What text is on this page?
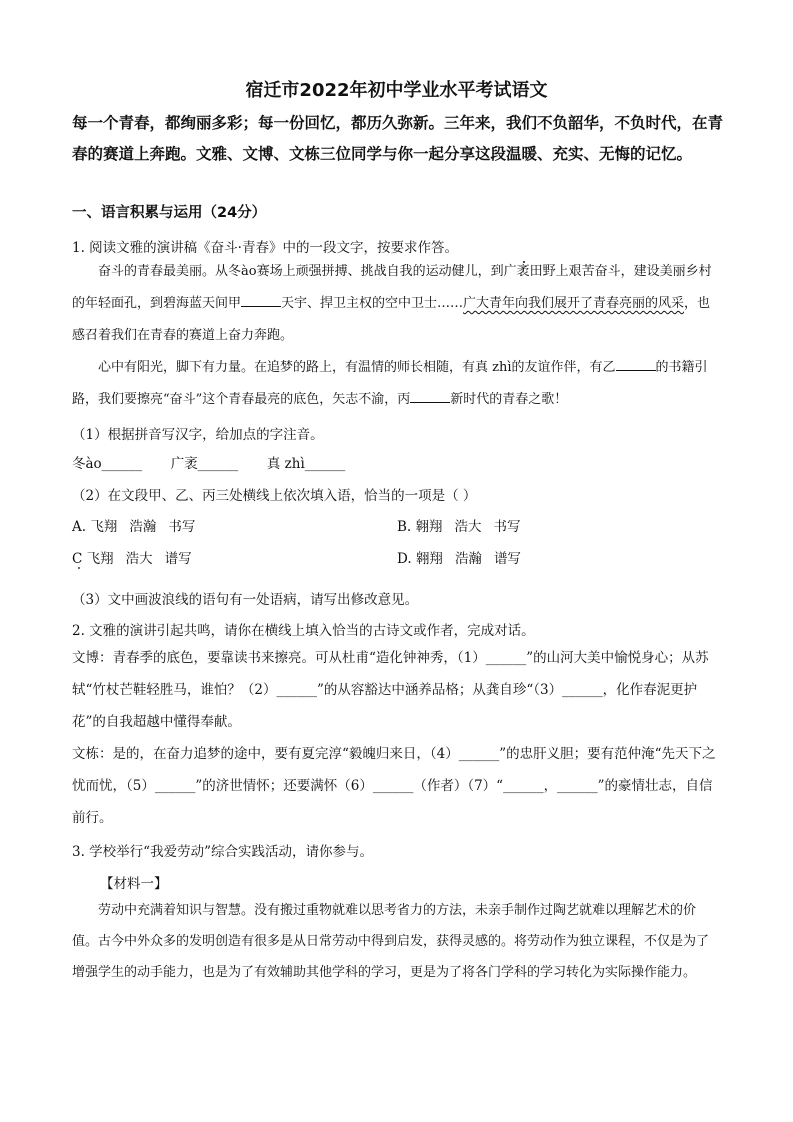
宿迁市2022年初中学业水平考试语文
每一个青春，都绚丽多彩；每一份回忆，都历久弥新。三年来，我们不负韶华，不负时代，在青春的赛道上奔跑。文雅、文博、文栋三位同学与你一起分享这段温暖、充实、无悔的记忆。
一、语言积累与运用（24分）
1. 阅读文雅的演讲稿《奋斗·青春》中的一段文字，按要求作答。
奋斗的青春最美丽。从冬ào赛场上顽强拼搏、挑战自我的运动健儿，到广袤田野上艰苦奋斗，建设美丽乡村的年轻面孔，到碧海蓝天间甲	天宇、捍卫主权的空中卫士……广大青年向我们展开了青春亮丽的风采，也感召着我们在青春的赛道上奋力奔跑。
心中有阳光，脚下有力量。在追梦的路上，有温情的师长相随，有真 zhì的友谊作伴，有乙	的书籍引路，我们要擦亮“奋斗”这个青春最亮的底色，矢志不渝，丙	新时代的青春之歌！
（1）根据拼音写汉字，给加点的字注音。
冬ào______ 广袤______ 真 zhì______
（2）在文段甲、乙、丙三处横线上依次填入语，恰当的一项是（ ）
A. 飞翔 浩瀚 书写	B. 翱翔 浩大 书写
C 飞翔 浩大 谱写	D. 翱翔 浩瀚 谱写
（3）文中画波浪线的语句有一处语病，请写出修改意见。
2. 文雅的演讲引起共鸣，请你在横线上填入恰当的古诗文或作者，完成对话。
文博：青春季的底色，要靠读书来擦亮。可从杜甫“造化钟神秀，（1）______”的山河大美中愉悦身心；从苏轼“竹杖芒鞋轻胜马，谁怕？（2）______”的从容豁达中涵养品格；从龚自珍“（3）______，化作春泥更护花”的自我超越中懂得奉献。
文栋：是的，在奋力追梦的途中，要有夏完淳“毅魄归来日，（4）______”的忠肝义胆；要有范仲淹“先天下之忧而忧，（5）______”的济世情怀；还要满怀（6）______（作者）（7）“______，______”的豪情壮志，自信前行。
3. 学校举行“我爱劳动”综合实践活动，请你参与。
【材料一】
劳动中充满着知识与智慧。没有搬过重物就难以思考省力的方法，未亲手制作过陶艺就难以理解艺术的价值。古今中外众多的发明创造有很多是从日常劳动中得到启发，获得灵感的。将劳动作为独立课程，不仅是为了增强学生的动手能力，也是为了有效辅助其他学科的学习，更是为了将各门学科的学习转化为实际操作能力。
